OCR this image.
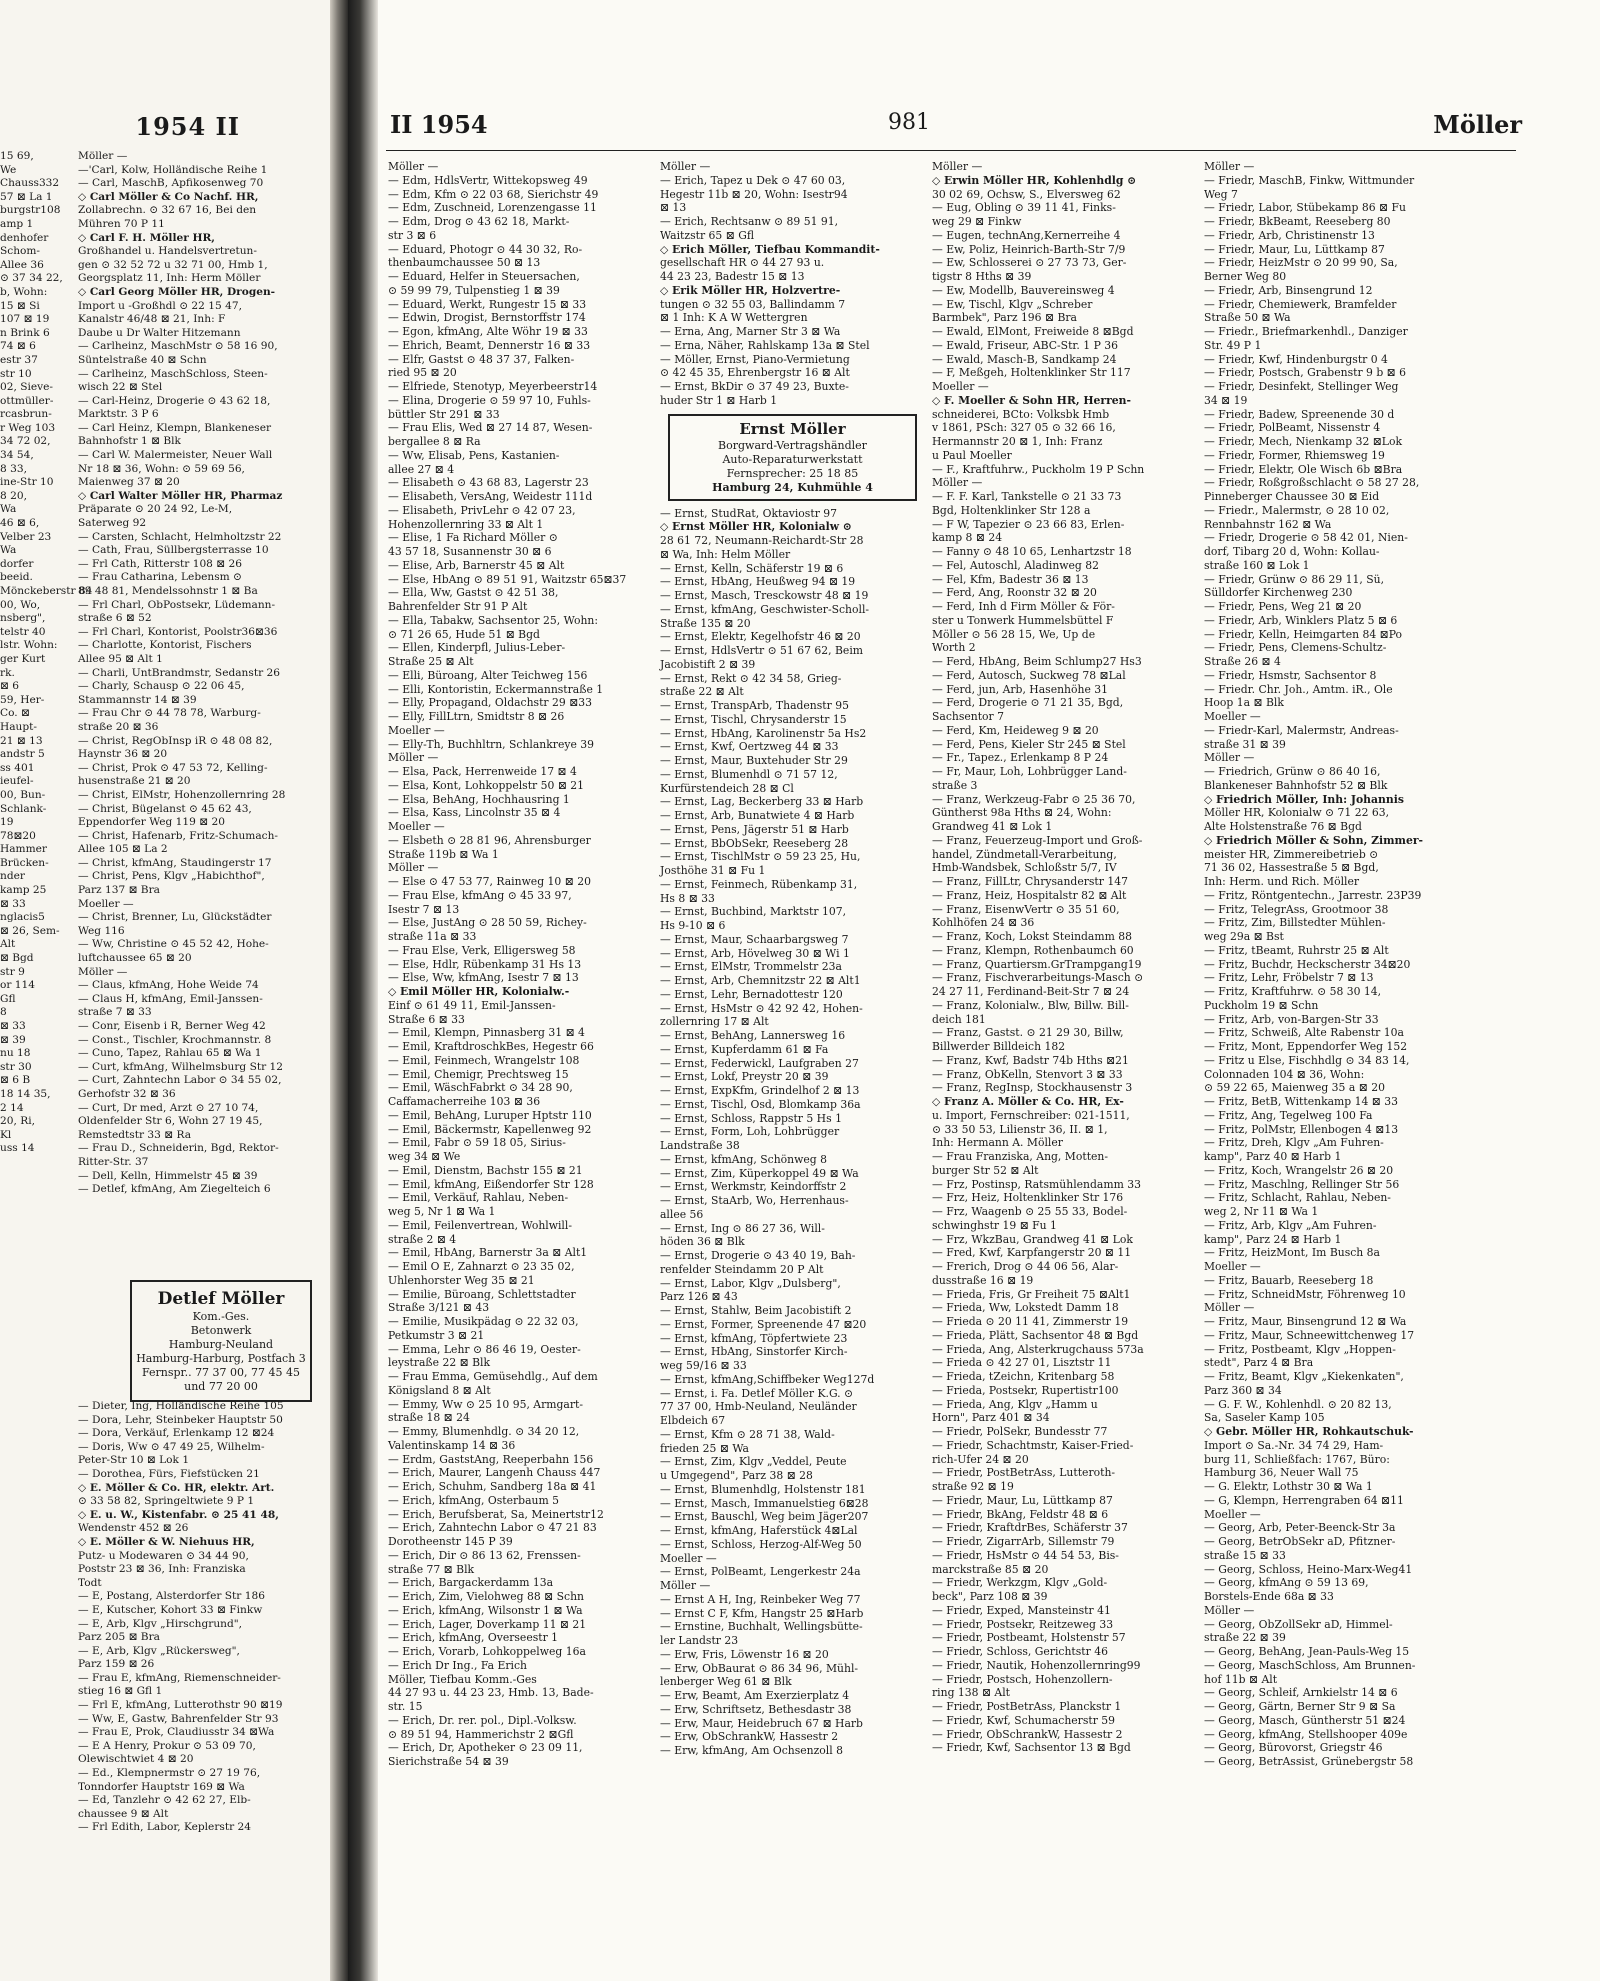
1954 II
15 69,
We
Chauss332
57 ⊠ La 1
burgstr108
amp 1
denhofer
Schom-
Allee 36
⊙ 37 34 22,
b, Wohn:
15 ⊠ Si
107 ⊠ 19
n Brink 6
74 ⊠ 6
estr 37
str 10
02, Sieve-
ottmüller-
rcasbrun-
r Weg 103
34 72 02,
34 54,
8 33,
ine-Str 10
8 20,
Wa
46 ⊠ 6,
Velber 23
Wa
dorfer
beeid.
Mönckeberstr 84
00, Wo,
nsberg",
telstr 40
lstr. Wohn:
ger Kurt
rk.
⊠ 6
59, Her-
Co. ⊠
Haupt-
21 ⊠ 13
andstr 5
ss 401
ieufel-
00, Bun-
Schlank-
19
78⊠20
Hammer
Brücken-
nder
kamp 25
⊠ 33
nglacis5
⊠ 26, Sem-
Alt
⊠ Bgd
str 9
or 114
Gfl
8
⊠ 33
⊠ 39
nu 18
str 30
⊠ 6 B
18 14 35,
2 14
20, Ri,
Kl
uss 14
Möller —
—'Carl, Kolw, Holländische Reihe 1
— Carl, MaschB, Apfikosenweg 70
◇ Carl Möller & Co Nachf. HR,
Zollabrechn. ⊙ 32 67 16, Bei den
Mühren 70 P 11
◇ Carl F. H. Möller HR,
Großhandel u. Handelsvertretun-
gen ⊙ 32 52 72 u 32 71 00, Hmb 1,
Georgsplatz 11, Inh: Herm Möller
◇ Carl Georg Möller HR, Drogen-
Import u -Großhdl ⊙ 22 15 47,
Kanalstr 46/48 ⊠ 21, Inh: F
Daube u Dr Walter Hitzemann
— Carlheinz, MaschMstr ⊙ 58 16 90,
Süntelstraße 40 ⊠ Schn
— Carlheinz, MaschSchloss, Steen-
wisch 22 ⊠ Stel
— Carl-Heinz, Drogerie ⊙ 43 62 18,
Marktstr. 3 P 6
— Carl Heinz, Klempn, Blankeneser
Bahnhofstr 1 ⊠ Blk
— Carl W. Malermeister, Neuer Wall
Nr 18 ⊠ 36, Wohn: ⊙ 59 69 56,
Maienweg 37 ⊠ 20
◇ Carl Walter Möller HR, Pharmaz
Präparate ⊙ 20 24 92, Le-M,
Saterweg 92
— Carsten, Schlacht, Helmholtzstr 22
— Cath, Frau, Süllbergsterrasse 10
— Frl Cath, Ritterstr 108 ⊠ 26
— Frau Catharina, Lebensm ⊙
89 48 81, Mendelssohnstr 1 ⊠ Ba
— Frl Charl, ObPostsekr, Lüdemann-
straße 6 ⊠ 52
— Frl Charl, Kontorist, Poolstr36⊠36
— Charlotte, Kontorist, Fischers
Allee 95 ⊠ Alt 1
— Charli, UntBrandmstr, Sedanstr 26
— Charly, Schausp ⊙ 22 06 45,
Stammannstr 14 ⊠ 39
— Frau Chr ⊙ 44 78 78, Warburg-
straße 20 ⊠ 36
— Christ, RegObInsp iR ⊙ 48 08 82,
Haynstr 36 ⊠ 20
— Christ, Prok ⊙ 47 53 72, Kelling-
husenstraße 21 ⊠ 20
— Christ, ElMstr, Hohenzollernring 28
— Christ, Bügelanst ⊙ 45 62 43,
Eppendorfer Weg 119 ⊠ 20
— Christ, Hafenarb, Fritz-Schumach-
Allee 105 ⊠ La 2
— Christ, kfmAng, Staudingerstr 17
— Christ, Pens, Klgv „Habichthof",
Parz 137 ⊠ Bra
Moeller —
— Christ, Brenner, Lu, Glückstädter
Weg 116
— Ww, Christine ⊙ 45 52 42, Hohe-
luftchaussee 65 ⊠ 20
Möller —
— Claus, kfmAng, Hohe Weide 74
— Claus H, kfmAng, Emil-Janssen-
straße 7 ⊠ 33
— Conr, Eisenb i R, Berner Weg 42
— Const., Tischler, Krochmannstr. 8
— Cuno, Tapez, Rahlau 65 ⊠ Wa 1
— Curt, kfmAng, Wilhelmsburg Str 12
— Curt, Zahntechn Labor ⊙ 34 55 02,
Gerhofstr 32 ⊠ 36
— Curt, Dr med, Arzt ⊙ 27 10 74,
Oldenfelder Str 6, Wohn 27 19 45,
Remstedtstr 33 ⊠ Ra
— Frau D., Schneiderin, Bgd, Rektor-
Ritter-Str. 37
— Dell, Kelln, Himmelstr 45 ⊠ 39
— Detlef, kfmAng, Am Ziegelteich 6
Detlef Möller
Kom.-Ges.
Betonwerk
Hamburg-Neuland
Hamburg-Harburg, Postfach 3
Fernspr.. 77 37 00, 77 45 45
und 77 20 00
— Dieter, Ing, Holländische Reihe 105
— Dora, Lehr, Steinbeker Hauptstr 50
— Dora, Verkäuf, Erlenkamp 12 ⊠24
— Doris, Ww ⊙ 47 49 25, Wilhelm-
Peter-Str 10 ⊠ Lok 1
— Dorothea, Fürs, Fiefstücken 21
◇ E. Möller & Co. HR, elektr. Art.
⊙ 33 58 82, Springeltwiete 9 P 1
◇ E. u. W., Kistenfabr. ⊙ 25 41 48,
Wendenstr 452 ⊠ 26
◇ E. Möller & W. Niehuus HR,
Putz- u Modewaren ⊙ 34 44 90,
Poststr 23 ⊠ 36, Inh: Franziska
Todt
— E, Postang, Alsterdorfer Str 186
— E, Kutscher, Kohort 33 ⊠ Finkw
— E, Arb, Klgv „Hirschgrund",
Parz 205 ⊠ Bra
— E, Arb, Klgv „Rückersweg",
Parz 159 ⊠ 26
— Frau E, kfmAng, Riemenschneider-
stieg 16 ⊠ Gfl 1
— Frl E, kfmAng, Lutterothstr 90 ⊠19
— Ww, E, Gastw, Bahrenfelder Str 93
— Frau E, Prok, Claudiusstr 34 ⊠Wa
— E A Henry, Prokur ⊙ 53 09 70,
Olewischtwiet 4 ⊠ 20
— Ed., Klempnermstr ⊙ 27 19 76,
Tonndorfer Hauptstr 169 ⊠ Wa
— Ed, Tanzlehr ⊙ 42 62 27, Elb-
chaussee 9 ⊠ Alt
— Frl Edith, Labor, Keplerstr 24
II 1954	981	Möller
Möller —
— Edm, HdlsVertr, Wittekopsweg 49
— Edm, Kfm ⊙ 22 03 68, Sierichstr 49
— Edm, Zuschneid, Lorenzengasse 11
— Edm, Drog ⊙ 43 62 18, Markt-
str 3 ⊠ 6
— Eduard, Photogr ⊙ 44 30 32, Ro-
thenbaumchaussee 50 ⊠ 13
— Eduard, Helfer in Steuersachen,
⊙ 59 99 79, Tulpenstieg 1 ⊠ 39
— Eduard, Werkt, Rungestr 15 ⊠ 33
— Edwin, Drogist, Bernstorffstr 174
— Egon, kfmAng, Alte Wöhr 19 ⊠ 33
— Ehrich, Beamt, Dennerstr 16 ⊠ 33
— Elfr, Gastst ⊙ 48 37 37, Falken-
ried 95 ⊠ 20
— Elfriede, Stenotyp, Meyerbeerstr14
— Elina, Drogerie ⊙ 59 97 10, Fuhls-
büttler Str 291 ⊠ 33
— Frau Elis, Wed ⊠ 27 14 87, Wesen-
bergallee 8 ⊠ Ra
— Ww, Elisab, Pens, Kastanien-
allee 27 ⊠ 4
— Elisabeth ⊙ 43 68 83, Lagerstr 23
— Elisabeth, VersAng, Weidestr 111d
— Elisabeth, PrivLehr ⊙ 42 07 23,
Hohenzollernring 33 ⊠ Alt 1
— Elise, 1 Fa Richard Möller ⊙
43 57 18, Susannenstr 30 ⊠ 6
— Elise, Arb, Barnerstr 45 ⊠ Alt
— Else, HbAng ⊙ 89 51 91, Waitzstr 65⊠37
— Ella, Ww, Gastst ⊙ 42 51 38,
Bahrenfelder Str 91 P Alt
— Ella, Tabakw, Sachsentor 25, Wohn:
⊙ 71 26 65, Hude 51 ⊠ Bgd
— Ellen, Kinderpfl, Julius-Leber-
Straße 25 ⊠ Alt
— Elli, Büroang, Alter Teichweg 156
— Elli, Kontoristin, Eckermannstraße 1
— Elly, Propagand, Oldachstr 29 ⊠33
— Elly, FillLtrn, Smidtstr 8 ⊠ 26
Moeller —
— Elly-Th, Buchhltrn, Schlankreye 39
Möller —
— Elsa, Pack, Herrenweide 17 ⊠ 4
— Elsa, Kont, Lohkoppelstr 50 ⊠ 21
— Elsa, BehAng, Hochhausring 1
— Elsa, Kass, Lincolnstr 35 ⊠ 4
Moeller —
— Elsbeth ⊙ 28 81 96, Ahrensburger
Straße 119b ⊠ Wa 1
Möller —
— Else ⊙ 47 53 77, Rainweg 10 ⊠ 20
— Frau Else, kfmAng ⊙ 45 33 97,
Isestr 7 ⊠ 13
— Else, JustAng ⊙ 28 50 59, Richey-
straße 11a ⊠ 33
— Frau Else, Verk, Elligersweg 58
— Else, Hdlr, Rübenkamp 31 Hs 13
— Else, Ww, kfmAng, Isestr 7 ⊠ 13
◇ Emil Möller HR, Kolonialw.-
Einf ⊙ 61 49 11, Emil-Janssen-
Straße 6 ⊠ 33
— Emil, Klempn, Pinnasberg 31 ⊠ 4
— Emil, KraftdroschkBes, Hegestr 66
— Emil, Feinmech, Wrangelstr 108
— Emil, Chemigr, Prechtsweg 15
— Emil, WäschFabrkt ⊙ 34 28 90,
Caffamacherreihe 103 ⊠ 36
— Emil, BehAng, Luruper Hptstr 110
— Emil, Bäckermstr, Kapellenweg 92
— Emil, Fabr ⊙ 59 18 05, Sirius-
weg 34 ⊠ We
— Emil, Dienstm, Bachstr 155 ⊠ 21
— Emil, kfmAng, Eißendorfer Str 128
— Emil, Verkäuf, Rahlau, Neben-
weg 5, Nr 1 ⊠ Wa 1
— Emil, Feilenvertrean, Wohlwill-
straße 2 ⊠ 4
— Emil, HbAng, Barnerstr 3a ⊠ Alt1
— Emil O E, Zahnarzt ⊙ 23 35 02,
Uhlenhorster Weg 35 ⊠ 21
— Emilie, Büroang, Schlettstadter
Straße 3/121 ⊠ 43
— Emilie, Musikpädag ⊙ 22 32 03,
Petkumstr 3 ⊠ 21
— Emma, Lehr ⊙ 86 46 19, Oester-
leystraße 22 ⊠ Blk
— Frau Emma, Gemüsehdlg., Auf dem
Königsland 8 ⊠ Alt
— Emmy, Ww ⊙ 25 10 95, Armgart-
straße 18 ⊠ 24
— Emmy, Blumenhdlg. ⊙ 34 20 12,
Valentinskamp 14 ⊠ 36
— Erdm, GaststAng, Reeperbahn 156
— Erich, Maurer, Langenh Chauss 447
— Erich, Schuhm, Sandberg 18a ⊠ 41
— Erich, kfmAng, Osterbaum 5
— Erich, Berufsberat, Sa, Meinertstr12
— Erich, Zahntechn Labor ⊙ 47 21 83
Dorotheenstr 145 P 39
— Erich, Dir ⊙ 86 13 62, Frenssen-
straße 77 ⊠ Blk
— Erich, Bargackerdamm 13a
— Erich, Zim, Vielohweg 88 ⊠ Schn
— Erich, kfmAng, Wilsonstr 1 ⊠ Wa
— Erich, Lager, Doverkamp 11 ⊠ 21
— Erich, kfmAng, Overseestr 1
— Erich, Vorarb, Lohkoppelweg 16a
— Erich Dr Ing., Fa Erich
Möller, Tiefbau Komm.-Ges
44 27 93 u. 44 23 23, Hmb. 13, Bade-
str. 15
— Erich, Dr. rer. pol., Dipl.-Volksw.
⊙ 89 51 94, Hammerichstr 2 ⊠Gfl
— Erich, Dr, Apotheker ⊙ 23 09 11,
Sierichstraße 54 ⊠ 39
Möller —
— Erich, Tapez u Dek ⊙ 47 60 03,
Hegestr 11b ⊠ 20, Wohn: Isestr94
⊠ 13
— Erich, Rechtsanw ⊙ 89 51 91,
Waitzstr 65 ⊠ Gfl
◇ Erich Möller, Tiefbau Kommandit-
gesellschaft HR ⊙ 44 27 93 u.
44 23 23, Badestr 15 ⊠ 13
◇ Erik Möller HR, Holzvertre-
tungen ⊙ 32 55 03, Ballindamm 7
⊠ 1 Inh: K A W Wettergren
— Erna, Ang, Marner Str 3 ⊠ Wa
— Erna, Näher, Rahlskamp 13a ⊠ Stel
— Möller, Ernst, Piano-Vermietung
⊙ 42 45 35, Ehrenbergstr 16 ⊠ Alt
— Ernst, BkDir ⊙ 37 49 23, Buxte-
huder Str 1 ⊠ Harb 1
Ernst Möller
Borgward-Vertragshändler
Auto-Reparaturwerkstatt
Fernsprecher: 25 18 85
Hamburg 24, Kuhmühle 4
— Ernst, StudRat, Oktaviostr 97
◇ Ernst Möller HR, Kolonialw ⊙
28 61 72, Neumann-Reichardt-Str 28
⊠ Wa, Inh: Helm Möller
— Ernst, Kelln, Schäferstr 19 ⊠ 6
— Ernst, HbAng, Heußweg 94 ⊠ 19
— Ernst, Masch, Tresckowstr 48 ⊠ 19
— Ernst, kfmAng, Geschwister-Scholl-
Straße 135 ⊠ 20
— Ernst, Elektr, Kegelhofstr 46 ⊠ 20
— Ernst, HdlsVertr ⊙ 51 67 62, Beim
Jacobistift 2 ⊠ 39
— Ernst, Rekt ⊙ 42 34 58, Grieg-
straße 22 ⊠ Alt
— Ernst, TranspArb, Thadenstr 95
— Ernst, Tischl, Chrysanderstr 15
— Ernst, HbAng, Karolinenstr 5a Hs2
— Ernst, Kwf, Oertzweg 44 ⊠ 33
— Ernst, Maur, Buxtehuder Str 29
— Ernst, Blumenhdl ⊙ 71 57 12,
Kurfürstendeich 28 ⊠ Cl
— Ernst, Lag, Beckerberg 33 ⊠ Harb
— Ernst, Arb, Bunatwiete 4 ⊠ Harb
— Ernst, Pens, Jägerstr 51 ⊠ Harb
— Ernst, BbObSekr, Reeseberg 28
— Ernst, TischlMstr ⊙ 59 23 25, Hu,
Josthöhe 31 ⊠ Fu 1
— Ernst, Feinmech, Rübenkamp 31,
Hs 8 ⊠ 33
— Ernst, Buchbind, Marktstr 107,
Hs 9-10 ⊠ 6
— Ernst, Maur, Schaarbargsweg 7
— Ernst, Arb, Hövelweg 30 ⊠ Wi 1
— Ernst, ElMstr, Trommelstr 23a
— Ernst, Arb, Chemnitzstr 22 ⊠ Alt1
— Ernst, Lehr, Bernadottestr 120
— Ernst, HsMstr ⊙ 42 92 42, Hohen-
zollernring 17 ⊠ Alt
— Ernst, BehAng, Lannersweg 16
— Ernst, Kupferdamm 61 ⊠ Fa
— Ernst, Federwickl, Laufgraben 27
— Ernst, Lokf, Preystr 20 ⊠ 39
— Ernst, ExpKfm, Grindelhof 2 ⊠ 13
— Ernst, Tischl, Osd, Blomkamp 36a
— Ernst, Schloss, Rappstr 5 Hs 1
— Ernst, Form, Loh, Lohbrügger
Landstraße 38
— Ernst, kfmAng, Schönweg 8
— Ernst, Zim, Küperkoppel 49 ⊠ Wa
— Ernst, Werkmstr, Keindorffstr 2
— Ernst, StaArb, Wo, Herrenhaus-
allee 56
— Ernst, Ing ⊙ 86 27 36, Will-
höden 36 ⊠ Blk
— Ernst, Drogerie ⊙ 43 40 19, Bah-
renfelder Steindamm 20 P Alt
— Ernst, Labor, Klgv „Dulsberg",
Parz 126 ⊠ 43
— Ernst, Stahlw, Beim Jacobistift 2
— Ernst, Former, Spreenende 47 ⊠20
— Ernst, kfmAng, Töpfertwiete 23
— Ernst, HbAng, Sinstorfer Kirch-
weg 59/16 ⊠ 33
— Ernst, kfmAng,Schiffbeker Weg127d
— Ernst, i. Fa. Detlef Möller K.G. ⊙
77 37 00, Hmb-Neuland, Neuländer
Elbdeich 67
— Ernst, Kfm ⊙ 28 71 38, Wald-
frieden 25 ⊠ Wa
— Ernst, Zim, Klgv „Veddel, Peute
u Umgegend", Parz 38 ⊠ 28
— Ernst, Blumenhdlg, Holstenstr 181
— Ernst, Masch, Immanuelstieg 6⊠28
— Ernst, Bauschl, Weg beim Jäger207
— Ernst, kfmAng, Haferstück 4⊠Lal
— Ernst, Schloss, Herzog-Alf-Weg 50
Moeller —
— Ernst, PolBeamt, Lengerkestr 24a
Möller —
— Ernst A H, Ing, Reinbeker Weg 77
— Ernst C F, Kfm, Hangstr 25 ⊠Harb
— Ernstine, Buchhalt, Wellingsbütte-
ler Landstr 23
— Erw, Fris, Löwenstr 16 ⊠ 20
— Erw, ObBaurat ⊙ 86 34 96, Mühl-
lenberger Weg 61 ⊠ Blk
— Erw, Beamt, Am Exerzierplatz 4
— Erw, Schriftsetz, Bethesdastr 38
— Erw, Maur, Heidebruch 67 ⊠ Harb
— Erw, ObSchrankW, Hassestr 2
— Erw, kfmAng, Am Ochsenzoll 8
Möller —
◇ Erwin Möller HR, Kohlenhdlg ⊙
30 02 69, Ochsw, S., Elversweg 62
— Eug, Obling ⊙ 39 11 41, Finks-
weg 29 ⊠ Finkw
— Eugen, technAng,Kernerreihe 4
— Ew, Poliz, Heinrich-Barth-Str 7/9
— Ew, Schlosserei ⊙ 27 73 73, Ger-
tigstr 8 Hths ⊠ 39
— Ew, Modellb, Bauvereinsweg 4
— Ew, Tischl, Klgv „Schreber
Barmbek", Parz 196 ⊠ Bra
— Ewald, ElMont, Freiweide 8 ⊠Bgd
— Ewald, Friseur, ABC-Str. 1 P 36
— Ewald, Masch-B, Sandkamp 24
— F, Meßgeh, Holtenklinker Str 117
Moeller —
◇ F. Moeller & Sohn HR, Herren-
schneiderei, BCto: Volksbk Hmb
v 1861, PSch: 327 05 ⊙ 32 66 16,
Hermannstr 20 ⊠ 1, Inh: Franz
u Paul Moeller
— F., Kraftfuhrw., Puckholm 19 P Schn
Möller —
— F. F. Karl, Tankstelle ⊙ 21 33 73
Bgd, Holtenklinker Str 128 a
— F W, Tapezier ⊙ 23 66 83, Erlen-
kamp 8 ⊠ 24
— Fanny ⊙ 48 10 65, Lenhartzstr 18
— Fel, Autoschl, Aladinweg 82
— Fel, Kfm, Badestr 36 ⊠ 13
— Ferd, Ang, Roonstr 32 ⊠ 20
— Ferd, Inh d Firm Möller & För-
ster u Tonwerk Hummelsbüttel F
Möller ⊙ 56 28 15, We, Up de
Worth 2
— Ferd, HbAng, Beim Schlump27 Hs3
— Ferd, Autosch, Suckweg 78 ⊠Lal
— Ferd, jun, Arb, Hasenhöhe 31
— Ferd, Drogerie ⊙ 71 21 35, Bgd,
Sachsentor 7
— Ferd, Km, Heideweg 9 ⊠ 20
— Ferd, Pens, Kieler Str 245 ⊠ Stel
— Fr., Tapez., Erlenkamp 8 P 24
— Fr, Maur, Loh, Lohbrügger Land-
straße 3
— Franz, Werkzeug-Fabr ⊙ 25 36 70,
Güntherst 98a Hths ⊠ 24, Wohn:
Grandweg 41 ⊠ Lok 1
— Franz, Feuerzeug-Import und Groß-
handel, Zündmetall-Verarbeitung,
Hmb-Wandsbek, Schloßstr 5/7, IV
— Franz, FillLtr, Chrysanderstr 147
— Franz, Heiz, Hospitalstr 82 ⊠ Alt
— Franz, EisenwVertr ⊙ 35 51 60,
Kohlhöfen 24 ⊠ 36
— Franz, Koch, Lokst Steindamm 88
— Franz, Klempn, Rothenbaumch 60
— Franz, Quartiersm.GrTrampgang19
— Franz, Fischverarbeitungs-Masch ⊙
24 27 11, Ferdinand-Beit-Str 7 ⊠ 24
— Franz, Kolonialw., Blw, Billw. Bill-
deich 181
— Franz, Gastst. ⊙ 21 29 30, Billw,
Billwerder Billdeich 182
— Franz, Kwf, Badstr 74b Hths ⊠21
— Franz, ObKelln, Stenvort 3 ⊠ 33
— Franz, RegInsp, Stockhausenstr 3
◇ Franz A. Möller & Co. HR, Ex-
u. Import, Fernschreiber: 021-1511,
⊙ 33 50 53, Lilienstr 36, II. ⊠ 1,
Inh: Hermann A. Möller
— Frau Franziska, Ang, Motten-
burger Str 52 ⊠ Alt
— Frz, Postinsp, Ratsmühlendamm 33
— Frz, Heiz, Holtenklinker Str 176
— Frz, Waagenb ⊙ 25 55 33, Bodel-
schwinghstr 19 ⊠ Fu 1
— Frz, WkzBau, Grandweg 41 ⊠ Lok
— Fred, Kwf, Karpfangerstr 20 ⊠ 11
— Frerich, Drog ⊙ 44 06 56, Alar-
dusstraße 16 ⊠ 19
— Frieda, Fris, Gr Freiheit 75 ⊠Alt1
— Frieda, Ww, Lokstedt Damm 18
— Frieda ⊙ 20 11 41, Zimmerstr 19
— Frieda, Plätt, Sachsentor 48 ⊠ Bgd
— Frieda, Ang, Alsterkrugchauss 573a
— Frieda ⊙ 42 27 01, Lisztstr 11
— Frieda, tZeichn, Kritenbarg 58
— Frieda, Postsekr, Rupertistr100
— Frieda, Ang, Klgv „Hamm u
Horn", Parz 401 ⊠ 34
— Friedr, PolSekr, Bundesstr 77
— Friedr, Schachtmstr, Kaiser-Fried-
rich-Ufer 24 ⊠ 20
— Friedr, PostBetrAss, Lutteroth-
straße 92 ⊠ 19
— Friedr, Maur, Lu, Lüttkamp 87
— Friedr, BkAng, Feldstr 48 ⊠ 6
— Friedr, KraftdrBes, Schäferstr 37
— Friedr, ZigarrArb, Sillemstr 79
— Friedr, HsMstr ⊙ 44 54 53, Bis-
marckstraße 85 ⊠ 20
— Friedr, Werkzgm, Klgv „Gold-
beck", Parz 108 ⊠ 39
— Friedr, Exped, Mansteinstr 41
— Friedr, Postsekr, Reitzeweg 33
— Friedr, Postbeamt, Holstenstr 57
— Friedr, Schloss, Gerichtstr 46
— Friedr, Nautik, Hohenzollernring99
— Friedr, Postsch, Hohenzollern-
ring 138 ⊠ Alt
— Friedr, PostBetrAss, Planckstr 1
— Friedr, Kwf, Schumacherstr 59
— Friedr, ObSchrankW, Hassestr 2
— Friedr, Kwf, Sachsentor 13 ⊠ Bgd
Möller —
— Friedr, MaschB, Finkw, Wittmunder
Weg 7
— Friedr, Labor, Stübekamp 86 ⊠ Fu
— Friedr, BkBeamt, Reeseberg 80
— Friedr, Arb, Christinenstr 13
— Friedr, Maur, Lu, Lüttkamp 87
— Friedr, HeizMstr ⊙ 20 99 90, Sa,
Berner Weg 80
— Friedr, Arb, Binsengrund 12
— Friedr, Chemiewerk, Bramfelder
Straße 50 ⊠ Wa
— Friedr., Briefmarkenhdl., Danziger
Str. 49 P 1
— Friedr, Kwf, Hindenburgstr 0 4
— Friedr, Postsch, Grabenstr 9 b ⊠ 6
— Friedr, Desinfekt, Stellinger Weg
34 ⊠ 19
— Friedr, Badew, Spreenende 30 d
— Friedr, PolBeamt, Nissenstr 4
— Friedr, Mech, Nienkamp 32 ⊠Lok
— Friedr, Former, Rhiemsweg 19
— Friedr, Elektr, Ole Wisch 6b ⊠Bra
— Friedr, Roßgroßschlacht ⊙ 58 27 28,
Pinneberger Chaussee 30 ⊠ Eid
— Friedr., Malermstr, ⊙ 28 10 02,
Rennbahnstr 162 ⊠ Wa
— Friedr, Drogerie ⊙ 58 42 01, Nien-
dorf, Tibarg 20 d, Wohn: Kollau-
straße 160 ⊠ Lok 1
— Friedr, Grünw ⊙ 86 29 11, Sü,
Sülldorfer Kirchenweg 230
— Friedr, Pens, Weg 21 ⊠ 20
— Friedr, Arb, Winklers Platz 5 ⊠ 6
— Friedr, Kelln, Heimgarten 84 ⊠Po
— Friedr, Pens, Clemens-Schultz-
Straße 26 ⊠ 4
— Friedr, Hsmstr, Sachsentor 8
— Friedr. Chr. Joh., Amtm. iR., Ole
Hoop 1a ⊠ Blk
Moeller —
— Friedr-Karl, Malermstr, Andreas-
straße 31 ⊠ 39
Möller —
— Friedrich, Grünw ⊙ 86 40 16,
Blankeneser Bahnhofstr 52 ⊠ Blk
◇ Friedrich Möller, Inh: Johannis
Möller HR, Kolonialw ⊙ 71 22 63,
Alte Holstenstraße 76 ⊠ Bgd
◇ Friedrich Möller & Sohn, Zimmer-
meister HR, Zimmereibetrieb ⊙
71 36 02, Hassestraße 5 ⊠ Bgd,
Inh: Herm. und Rich. Möller
— Fritz, Röntgentechn., Jarrestr. 23P39
— Fritz, TelegrAss, Grootmoor 38
— Fritz, Zim, Billstedter Mühlen-
weg 29a ⊠ Bst
— Fritz, tBeamt, Ruhrstr 25 ⊠ Alt
— Fritz, Buchdr, Heckscherstr 34⊠20
— Fritz, Lehr, Fröbelstr 7 ⊠ 13
— Fritz, Kraftfuhrw. ⊙ 58 30 14,
Puckholm 19 ⊠ Schn
— Fritz, Arb, von-Bargen-Str 33
— Fritz, Schweiß, Alte Rabenstr 10a
— Fritz, Mont, Eppendorfer Weg 152
— Fritz u Else, Fischhdlg ⊙ 34 83 14,
Colonnaden 104 ⊠ 36, Wohn:
⊙ 59 22 65, Maienweg 35 a ⊠ 20
— Fritz, BetB, Wittenkamp 14 ⊠ 33
— Fritz, Ang, Tegelweg 100 Fa
— Fritz, PolMstr, Ellenbogen 4 ⊠13
— Fritz, Dreh, Klgv „Am Fuhren-
kamp", Parz 40 ⊠ Harb 1
— Fritz, Koch, Wrangelstr 26 ⊠ 20
— Fritz, Maschlng, Rellinger Str 56
— Fritz, Schlacht, Rahlau, Neben-
weg 2, Nr 11 ⊠ Wa 1
— Fritz, Arb, Klgv „Am Fuhren-
kamp", Parz 24 ⊠ Harb 1
— Fritz, HeizMont, Im Busch 8a
Moeller —
— Fritz, Bauarb, Reeseberg 18
— Fritz, SchneidMstr, Föhrenweg 10
Möller —
— Fritz, Maur, Binsengrund 12 ⊠ Wa
— Fritz, Maur, Schneewittchenweg 17
— Fritz, Postbeamt, Klgv „Hoppen-
stedt", Parz 4 ⊠ Bra
— Fritz, Beamt, Klgv „Kiekenkaten",
Parz 360 ⊠ 34
— G. F. W., Kohlenhdl. ⊙ 20 82 13,
Sa, Saseler Kamp 105
◇ Gebr. Möller HR, Rohkautschuk-
Import ⊙ Sa.-Nr. 34 74 29, Ham-
burg 11, Schließfach: 1767, Büro:
Hamburg 36, Neuer Wall 75
— G. Elektr, Lothstr 30 ⊠ Wa 1
— G, Klempn, Herrengraben 64 ⊠11
Moeller —
— Georg, Arb, Peter-Beenck-Str 3a
— Georg, BetrObSekr aD, Pfitzner-
straße 15 ⊠ 33
— Georg, Schloss, Heino-Marx-Weg41
— Georg, kfmAng ⊙ 59 13 69,
Borstels-Ende 68a ⊠ 33
Möller —
— Georg, ObZollSekr aD, Himmel-
straße 22 ⊠ 39
— Georg, BehAng, Jean-Pauls-Weg 15
— Georg, MaschSchloss, Am Brunnen-
hof 11b ⊠ Alt
— Georg, Schleif, Arnkielstr 14 ⊠ 6
— Georg, Gärtn, Berner Str 9 ⊠ Sa
— Georg, Masch, Güntherstr 51 ⊠24
— Georg, kfmAng, Stellshooper 409e
— Georg, Bürovorst, Griegstr 46
— Georg, BetrAssist, Grünebergstr 58
